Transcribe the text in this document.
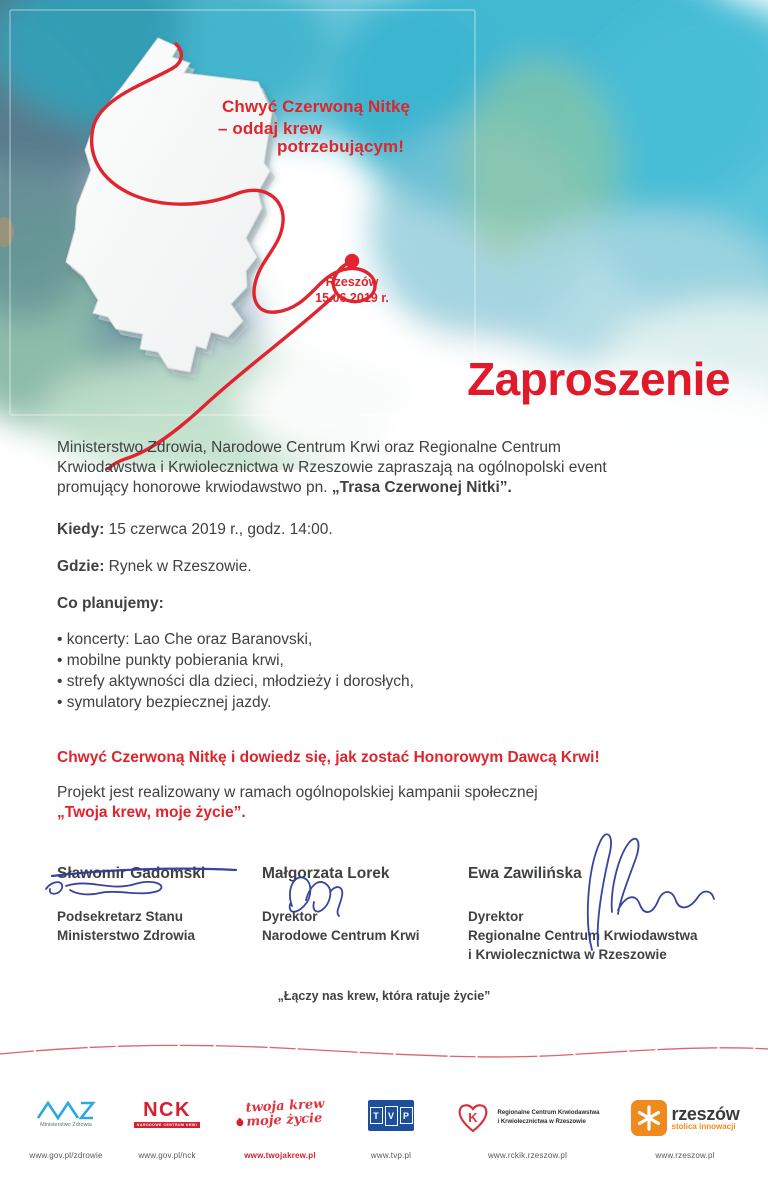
Chwyć Czerwoną Nitkę
– oddaj krew
potrzebującym!
Rzeszów
15.06.2019 r.
Zaproszenie
Ministerstwo Zdrowia, Narodowe Centrum Krwi oraz Regionalne Centrum
Krwiodawstwa i Krwiolecznictwa w Rzeszowie zapraszają na ogólnopolski event
promujący honorowe krwiodawstwo pn. „Trasa Czerwonej Nitki”.
Kiedy: 15 czerwca 2019 r., godz. 14:00.
Gdzie: Rynek w Rzeszowie.
Co planujemy:
• koncerty: Lao Che oraz Baranovski,
• mobilne punkty pobierania krwi,
• strefy aktywności dla dzieci, młodzieży i dorosłych,
• symulatory bezpiecznej jazdy.
Chwyć Czerwoną Nitkę i dowiedz się, jak zostać Honorowym Dawcą Krwi!
Projekt jest realizowany w ramach ogólnopolskiej kampanii społecznej
„Twoja krew, moje życie”.
Sławomir Gadomski
Podsekretarz Stanu
Ministerstwo Zdrowia
Małgorzata Lorek
Dyrektor
Narodowe Centrum Krwi
Ewa Zawilińska
Dyrektor
Regionalne Centrum Krwiodawstwa
i Krwiolecznictwa w Rzeszowie
„Łączy nas krew, która ratuje życie”
Ministerstwo Zdrowia
www.gov.pl/zdrowie
NCK
NARODOWE CENTRUM KRWI
www.gov.pl/nck
twoja krew
moje życie
www.twojakrew.pl
T	V P
www.tvp.pl
K	Regionalne Centrum Krwiodawstwa
i Krwiolecznictwa w Rzeszowie
www.rckik.rzeszow.pl
rzeszów
stolica innowacji
www.rzeszow.pl
